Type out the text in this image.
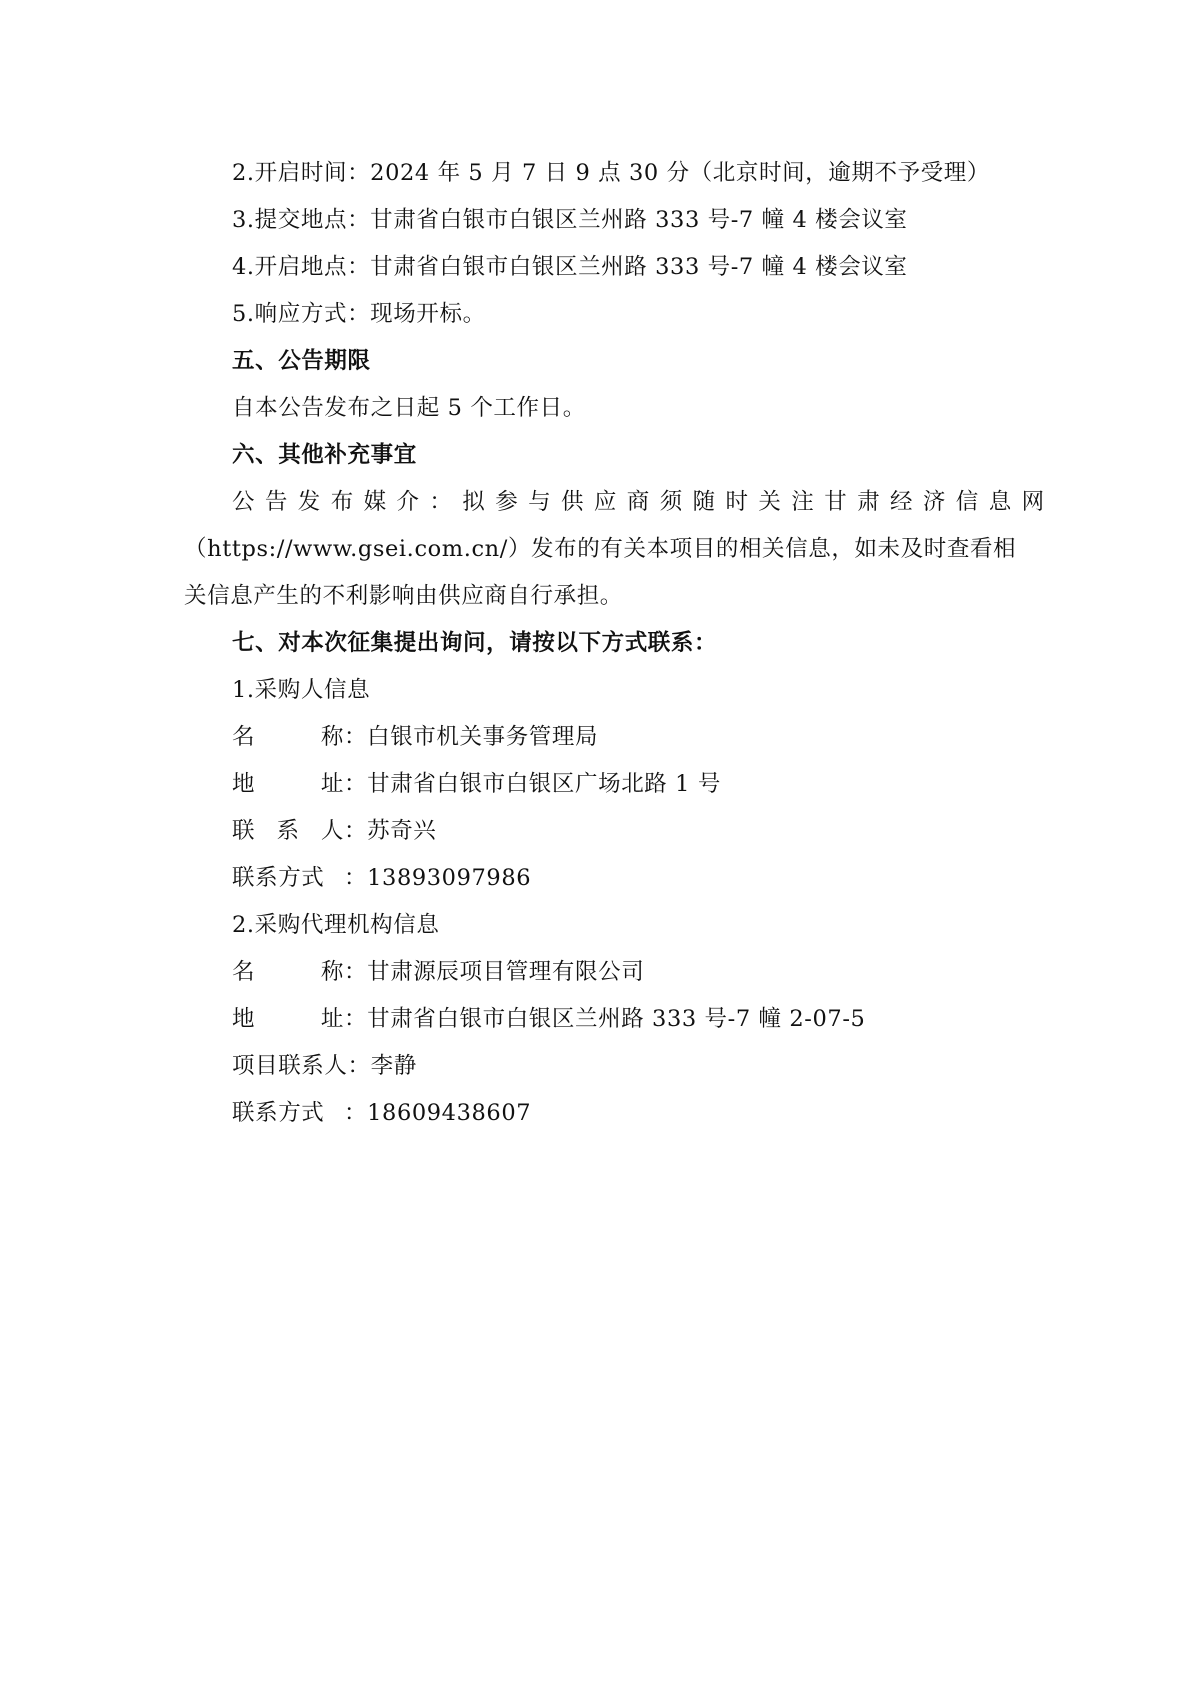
2.开启时间：2024 年 5 月 7 日 9 点 30 分（北京时间，逾期不予受理）
3.提交地点：甘肃省白银市白银区兰州路 333 号-7 幢 4 楼会议室
4.开启地点：甘肃省白银市白银区兰州路 333 号-7 幢 4 楼会议室
5.响应方式：现场开标。
五、公告期限
自本公告发布之日起 5 个工作日。
六、其他补充事宜
公告发布媒介：拟参与供应商须随时关注甘肃经济信息网
（https://www.gsei.com.cn/）发布的有关本项目的相关信息，如未及时查看相
关信息产生的不利影响由供应商自行承担。
七、对本次征集提出询问，请按以下方式联系：
1.采购人信息
名称：白银市机关事务管理局
地址：甘肃省白银市白银区广场北路 1 号
联系人：苏奇兴
联系方式 ：13893097986
2.采购代理机构信息
名称：甘肃源辰项目管理有限公司
地址：甘肃省白银市白银区兰州路 333 号-7 幢 2-07-5
项目联系人：李静
联系方式 ：18609438607
